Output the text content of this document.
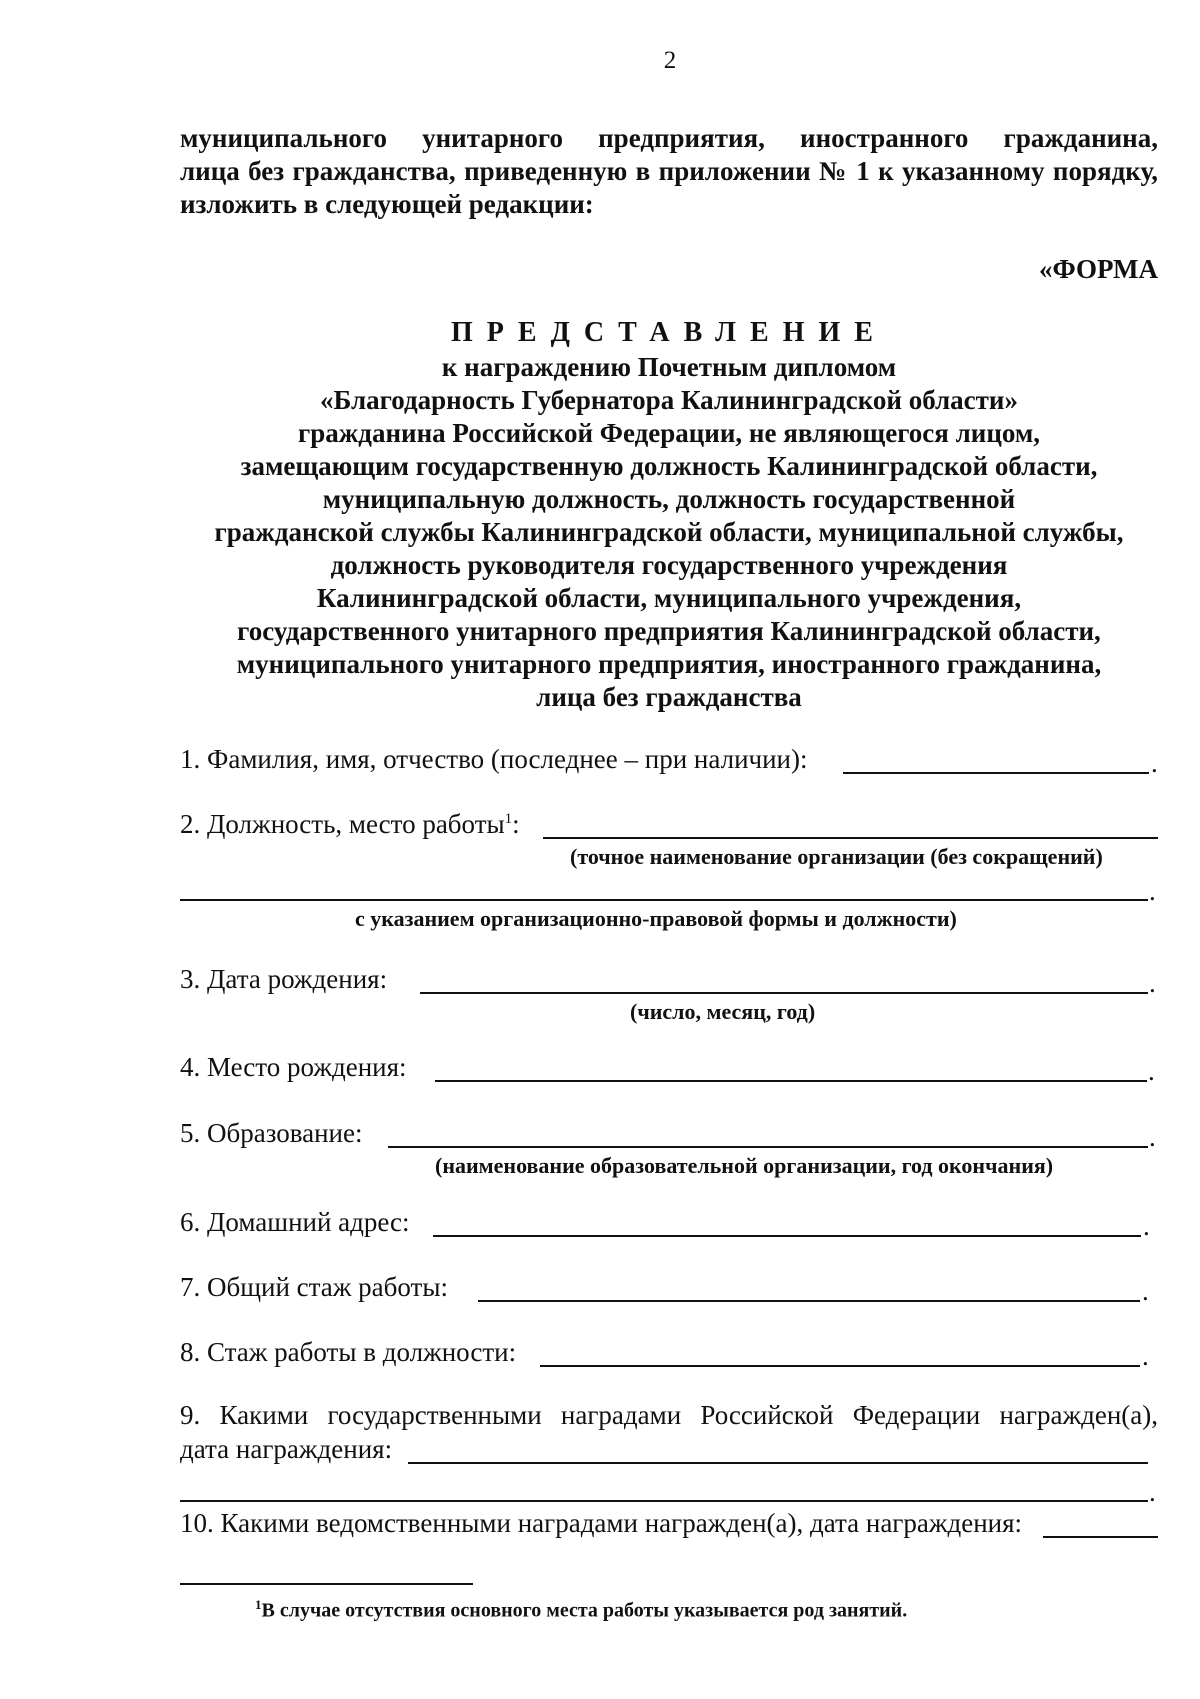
2
муниципального унитарного предприятия, иностранного гражданина,
лица без гражданства, приведенную в приложении № 1 к указанному порядку,
изложить в следующей редакции:
«ФОРМА
ПРЕДСТАВЛЕНИЕ
к награждению Почетным дипломом
«Благодарность Губернатора Калининградской области»
гражданина Российской Федерации, не являющегося лицом,
замещающим государственную должность Калининградской области,
муниципальную должность, должность государственной
гражданской службы Калининградской области, муниципальной службы,
должность руководителя государственного учреждения
Калининградской области, муниципального учреждения,
государственного унитарного предприятия Калининградской области,
муниципального унитарного предприятия, иностранного гражданина,
лица без гражданства
1. Фамилия, имя, отчество (последнее – при наличии):	.
2. Должность, место работы$^1$:
(точное наименование организации (без сокращений)
.
с указанием организационно-правовой формы и должности)
3. Дата рождения:	.
(число, месяц, год)
4. Место рождения:	.
5. Образование:	.
(наименование образовательной организации, год окончания)
6. Домашний адрес:	.
7. Общий стаж работы:	.
8. Стаж работы в должности:	.
9. Какими государственными наградами Российской Федерации награжден(а),
дата награждения:
.
10. Какими ведомственными наградами награжден(а), дата награждения:
$^1$В случае отсутствия основного места работы указывается род занятий.
